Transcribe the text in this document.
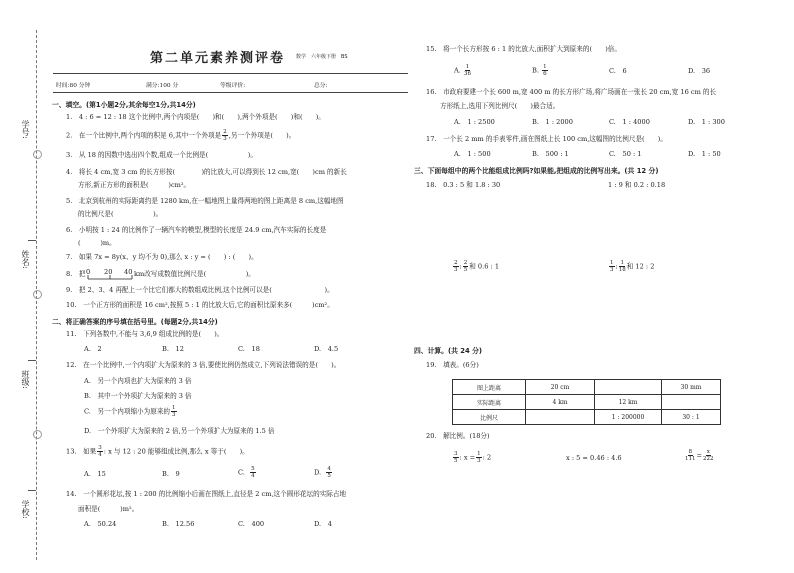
学号:
姓名:
班级:
学校:
第二单元素养测评卷 数学　六年级下册　BS
时间:80 分钟	满分:100 分	等级评价:	总分:
一、填空。(第1小题2分,其余每空1分,共14分)
1.　4 : 6 = 12 : 18 这个比例中,两个内项是(　　)和(　　),两个外项是(　　)和(　　)。
2.　在一个比例中,两个内项的积是 6,其中一个外项是 $\frac{2}{3}$ ,另一个外项是(　　)。
3.　从 18 的因数中选出四个数,组成一个比例是(　　　　　　)。
4.　将长 4 cm,宽 3 cm 的长方形按(　　　　)的比放大,可以得到长 12 cm,宽(　　)cm 的新长
方形,新正方形的面积是(　　　)cm²。
5.　北京到杭州的实际距离约是 1280 km,在一幅地图上量得两地的图上距离是 8 cm,这幅地图
的比例尺是(　　　　　　)。
6.　小明按 1 : 24 的比例作了一辆汽车的模型,模型的长度是 24.9 cm,汽车实际的长度是
(　　　)m。
7.　如果 7x = 8y(x、y 均不为 0),那么 x : y = (　　) : (　　)。
8.　把 0 20 40 km改写成数值比例尺是(　　　　　　)。
9.　把 2、3、4 再配上一个比它们都大的数组成比例,这个比例可以是(　　　　　　　　)。
10.　一个正方形的面积是 16 cm²,按照 5 : 1 的比放大后,它的面积比原来多(　　　)cm²。
二、将正确答案的序号填在括号里。(每题2分,共14分)
11.　下列各数中,不能与 3,6,9 组成比例的是(　　)。
A.　2	B.　12	C.　18	D.　4.5
12.　在一个比例中,一个内项扩大为原来的 3 倍,要使比例仍然成立,下列说法错误的是(　　)。
A.　另一个内项也扩大为原来的 3 倍
B.　其中一个外项扩大为原来的 3 倍
C.　另一个内项缩小为原来的 $\frac{1}{3}$
D.　一个外项扩大为原来的 2 倍,另一个外项扩大为原来的 1.5 倍
13.　如果 $\frac{3}{4}$ : x 与 12 : 20 能够组成比例,那么 x 等于(　　)。
A.　15	B.　9	C. $\frac{5}{4}$	D. $\frac{4}{5}$
14.　一个圆形花坛,按 1 : 200 的比例缩小后画在图纸上,直径是 2 cm,这个圆形花坛的实际占地
面积是(　　　)m²。
A.　50.24	B.　12.56	C.　400	D.　4
15.　将一个长方形按 6 : 1 的比放大,面积扩大到原来的(　　)倍。
A. $\frac{1}{36}$	B. $\frac{1}{6}$	C.　6	D.　36
16.　市政府要建一个长 600 m,宽 400 m 的长方形广场,将广场画在一张长 20 cm,宽 16 cm 的长
方形纸上,选用下列比例尺(　　)最合适。
A.　1 : 2500	B.　1 : 2000	C.　1 : 4000	D.　1 : 300
17.　一个长 2 mm 的手表零件,画在图纸上长 100 cm,这幅图的比例尺是(　　)。
A.　1 : 500	B.　500 : 1	C.　50 : 1	D.　1 : 50
三、下面每组中的两个比能组成比例吗?如果能,把组成的比例写出来。(共 12 分)
18.　0.3 : 5 和 1.8 : 30	1 : 9 和 0.2 : 0.18
$\frac{2}{3}$ : $\frac{2}{5}$ 和 0.6 : 1	$\frac{1}{3}$ : $\frac{1}{18}$ 和 12 : 2
四、计算。(共 24 分)
19.　填表。(6分)
图上距离	20 cm		30 mm
实际距离	4 km	12 km	
比例尺		1 : 200000	30 : 1
20.　解比例。(18分)
$\frac{3}{5}$ : $x = \frac{1}{3}$ : 2	x : 5 = 0.46 : 4.6	$\frac{8}{111} = \frac{x}{222}$
